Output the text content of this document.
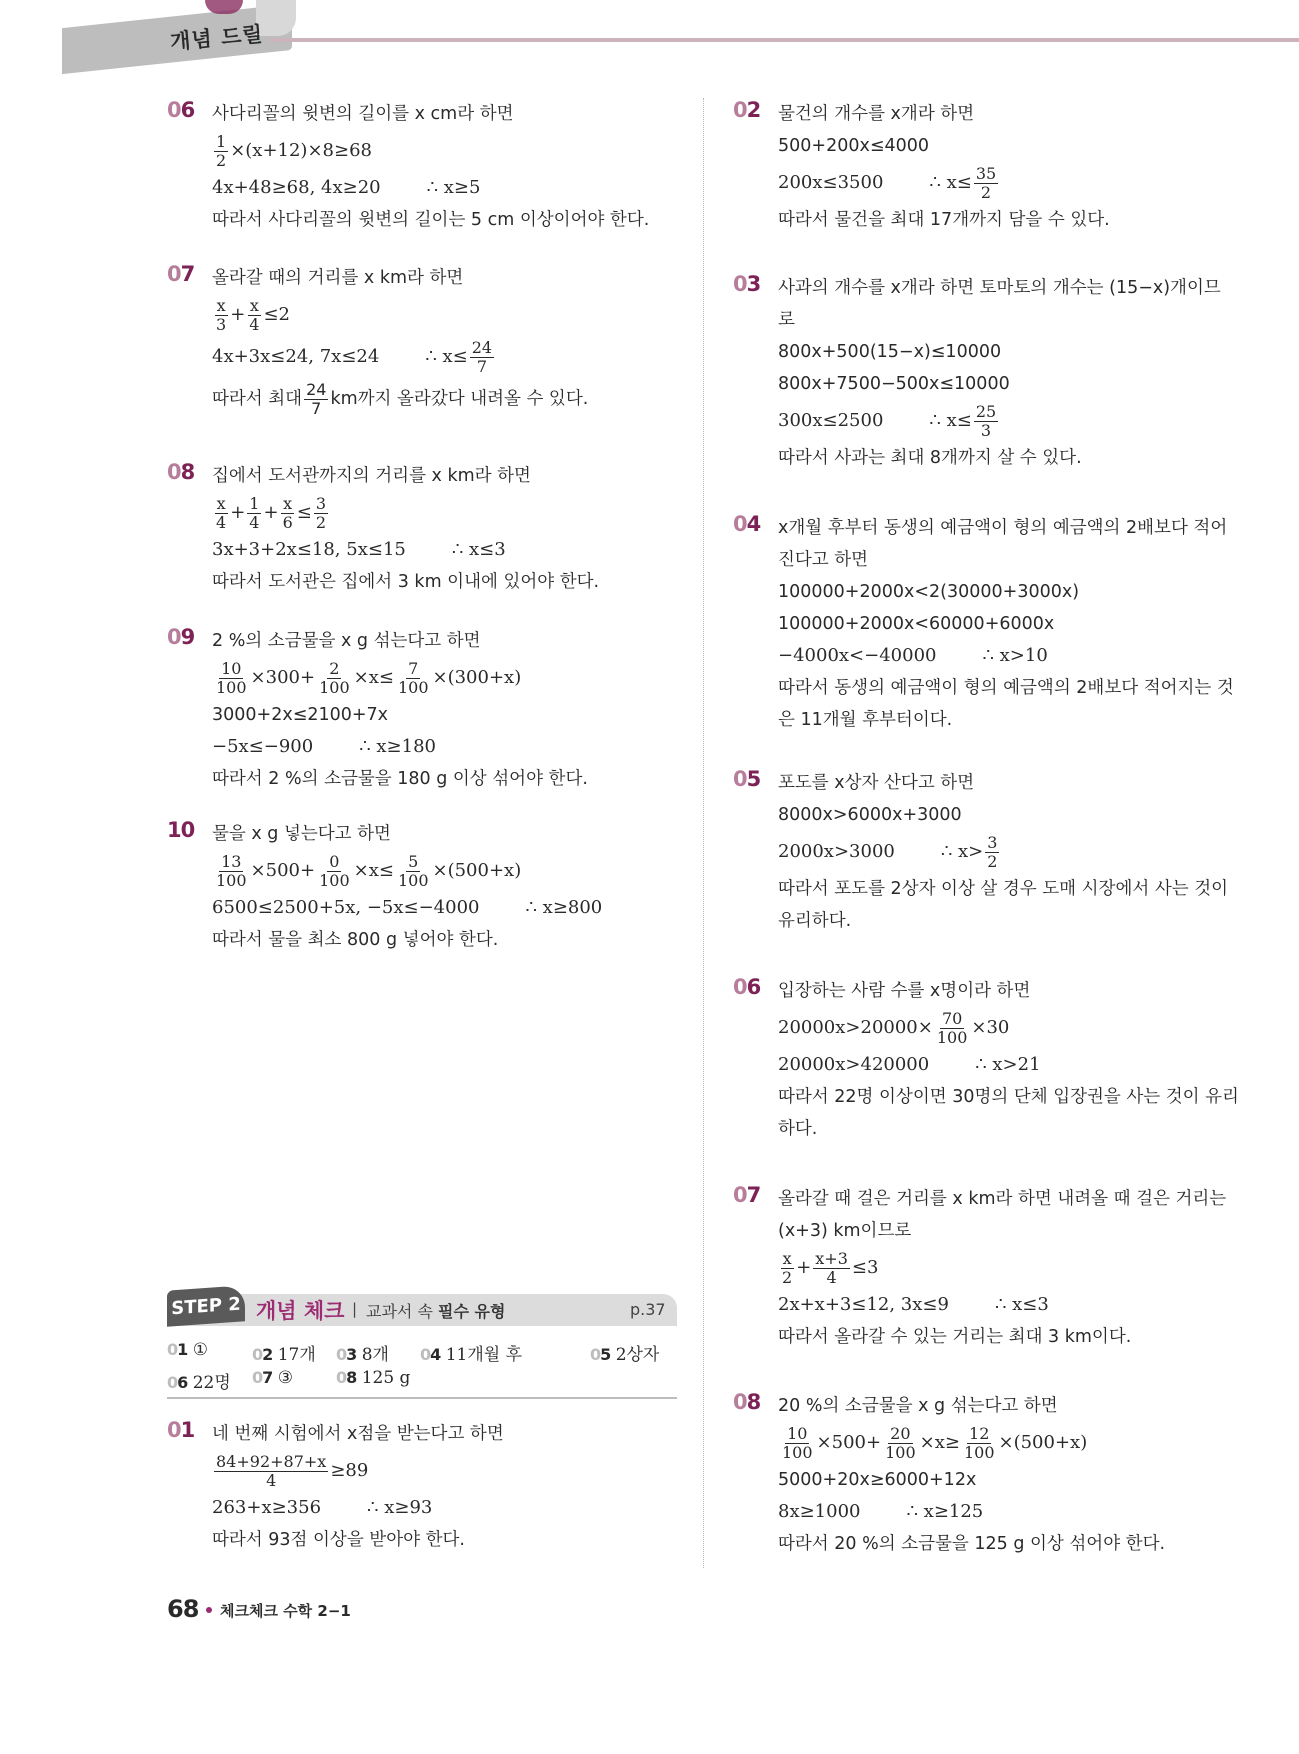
개념 드릴
06 사다리꼴의 윗변의 길이를 x cm라 하면
$\frac{1}{2} \times(x+12)\times 8\ge 68$
4x+48≥68, 4x≥20	∴ x≥5
따라서 사다리꼴의 윗변의 길이는 5 cm 이상이어야 한다.
07 올라갈 때의 거리를 x km라 하면
$\frac{x}{3} + \frac{x}{4} \le 2$
4x+3x≤24, 7x≤24	∴ $x\le \frac{24}{7}$
따라서 최대 $\frac{24}{7}$ km까지 올라갔다 내려올 수 있다.
08 집에서 도서관까지의 거리를 x km라 하면
$\frac{x}{4} + \frac{1}{4} + \frac{x}{6} \le \frac{3}{2}$
3x+3+2x≤18, 5x≤15	∴ x≤3
따라서 도서관은 집에서 3 km 이내에 있어야 한다.
09 2 %의 소금물을 x g 섞는다고 하면
$\frac{10}{100} \times 300+ \frac{2}{100} \times x\le \frac{7}{100} \times(300+x)$
3000+2x≤2100+7x
−5x≤−900	∴ x≥180
따라서 2 %의 소금물을 180 g 이상 섞어야 한다.
10 물을 x g 넣는다고 하면
$\frac{13}{100} \times 500+ \frac{0}{100} \times x\le \frac{5}{100} \times(500+x)$
6500≤2500+5x, −5x≤−4000	∴ x≥800
따라서 물을 최소 800 g 넣어야 한다.
STEP 2 개념 체크 | 교과서 속 필수 유형	p.37
01 ①	02 17개 03 8개 04 11개월 후	05 2상자
06 22명 07 ③	08 125 g
01 네 번째 시험에서 x점을 받는다고 하면
$\frac{84+92+87+x}{4} \ge 89$
263+x≥356	∴ x≥93
따라서 93점 이상을 받아야 한다.
02 물건의 개수를 x개라 하면
500+200x≤4000
200x≤3500	∴ $x\le \frac{35}{2}$
따라서 물건을 최대 17개까지 담을 수 있다.
03 사과의 개수를 x개라 하면 토마토의 개수는 (15−x)개이므
로
800x+500(15−x)≤10000
800x+7500−500x≤10000
300x≤2500	∴ $x\le \frac{25}{3}$
따라서 사과는 최대 8개까지 살 수 있다.
04 x개월 후부터 동생의 예금액이 형의 예금액의 2배보다 적어
진다고 하면
100000+2000x<2(30000+3000x)
100000+2000x<60000+6000x
−4000x<−40000	∴ x>10
따라서 동생의 예금액이 형의 예금액의 2배보다 적어지는 것
은 11개월 후부터이다.
05 포도를 x상자 산다고 하면
8000x>6000x+3000
2000x>3000	∴ $x> \frac{3}{2}$
따라서 포도를 2상자 이상 살 경우 도매 시장에서 사는 것이
유리하다.
06 입장하는 사람 수를 x명이라 하면
$20000x>20000\times \frac{70}{100} \times 30$
20000x>420000	∴ x>21
따라서 22명 이상이면 30명의 단체 입장권을 사는 것이 유리
하다.
07 올라갈 때 걸은 거리를 x km라 하면 내려올 때 걸은 거리는
(x+3) km이므로
$\frac{x}{2} + \frac{x+3}{4} \le 3$
2x+x+3≤12, 3x≤9	∴ x≤3
따라서 올라갈 수 있는 거리는 최대 3 km이다.
08 20 %의 소금물을 x g 섞는다고 하면
$\frac{10}{100} \times 500+ \frac{20}{100} \times x\ge \frac{12}{100} \times(500+x)$
5000+20x≥6000+12x
8x≥1000	∴ x≥125
따라서 20 %의 소금물을 125 g 이상 섞어야 한다.
68 체크체크 수학 2−1
